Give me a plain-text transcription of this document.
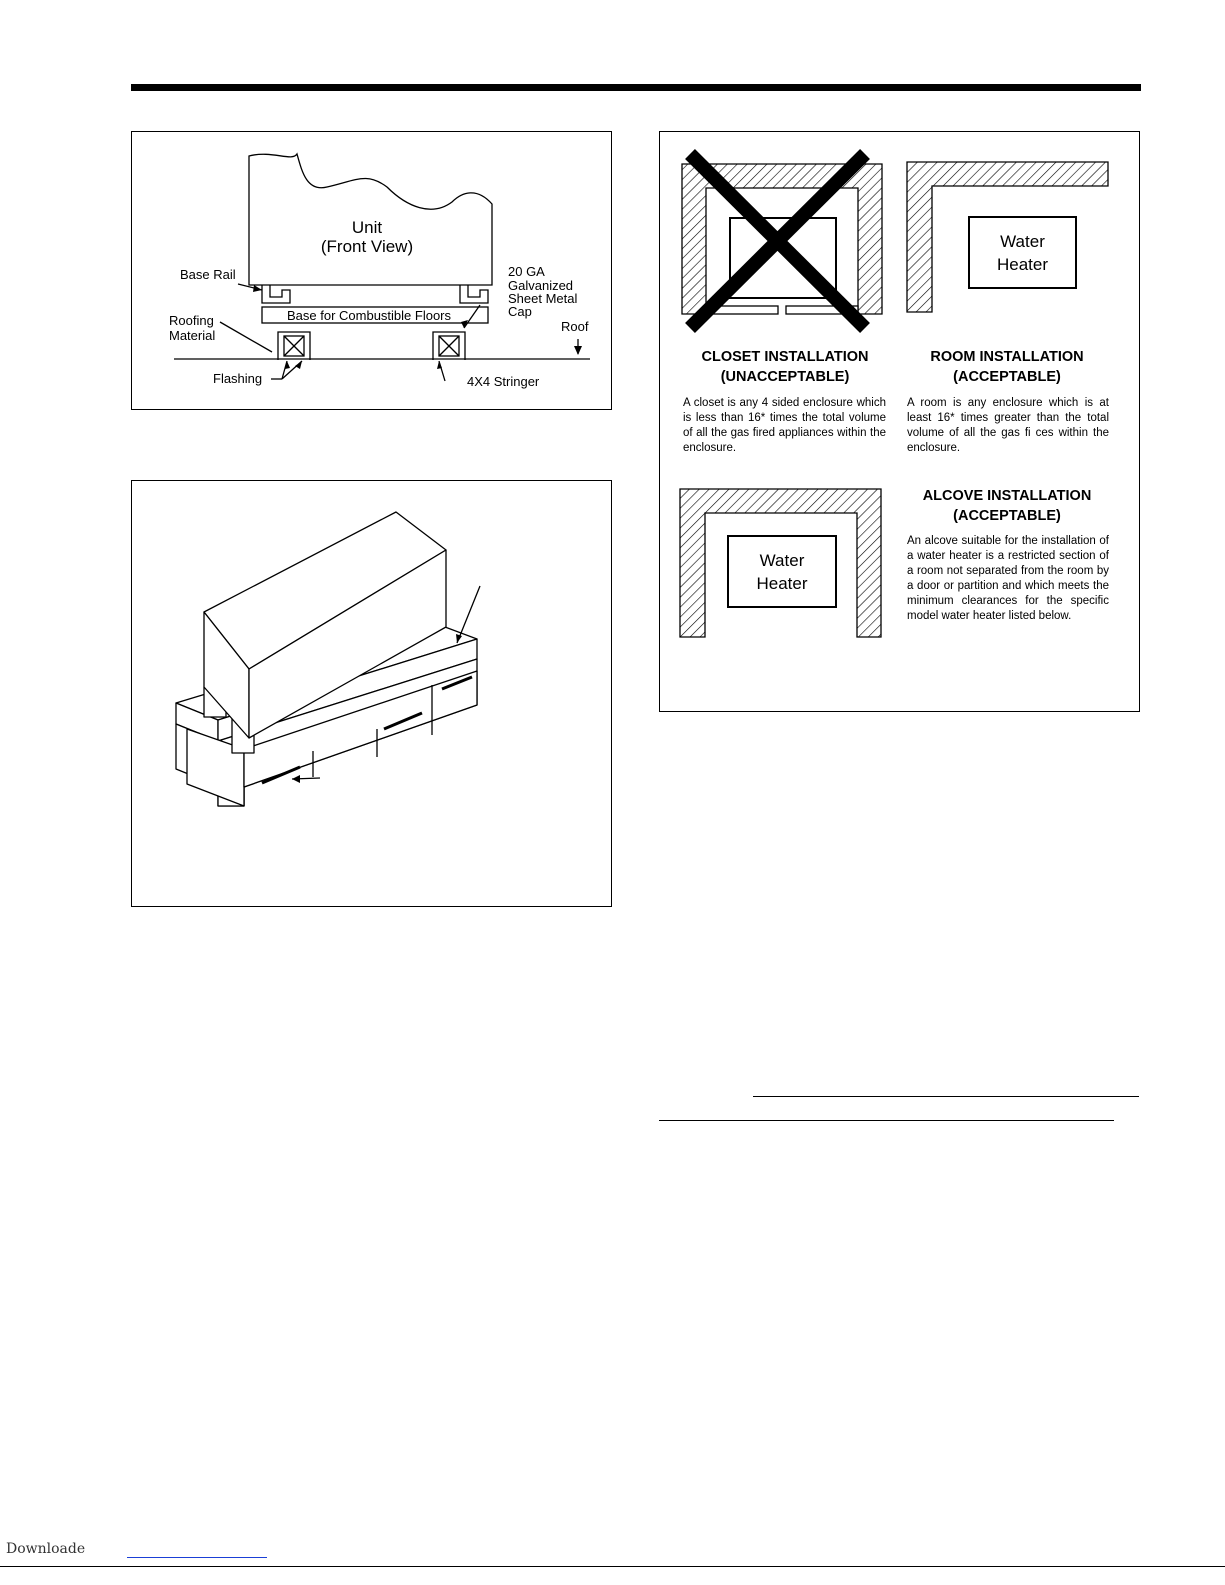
Unit
(Front View)
Base Rail	20 GA
Galvanized
Sheet Metal
Cap
Roofing
Material
Base for Combustible Floors
Roof
Flashing	4X4 Stringer
Water
Heater
Water
Heater
CLOSET INSTALLATION
(UNACCEPTABLE)
A closet is any 4 sided enclosure which is less than 16* times the total volume of all the gas fired appliances within the enclosure.
ROOM INSTALLATION
(ACCEPTABLE)
A room is any enclosure which is at least 16* times greater than the total volume of all the gas fi ces within the enclosure.
ALCOVE INSTALLATION
(ACCEPTABLE)
An alcove suitable for the installation of a water heater is a restricted section of a room not separated from the room by a door or partition and which meets the minimum clearances for the specific model water heater listed below.
Downloade
